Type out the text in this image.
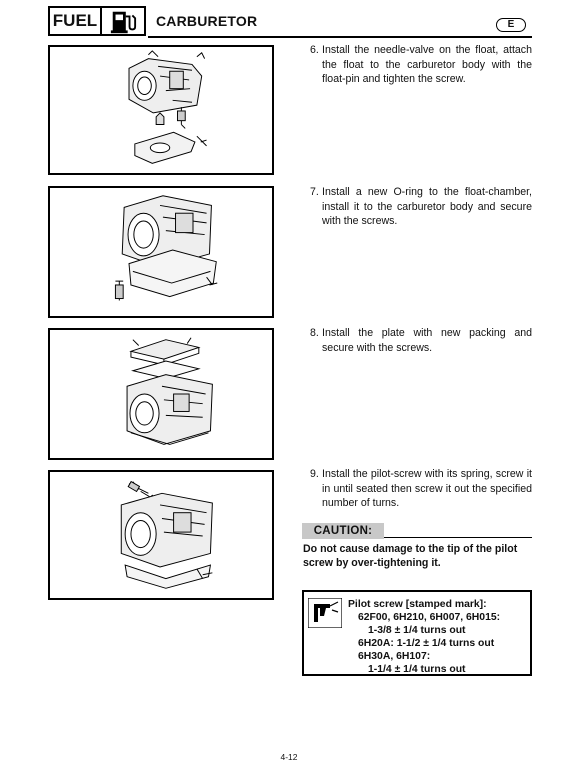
FUEL	CARBURETOR	E
6. Install the needle-valve on the float, attach the float to the carburetor body with the float-pin and tighten the screw.
7. Install a new O-ring to the float-chamber, install it to the carburetor body and secure with the screws.
8. Install the plate with new packing and secure with the screws.
9. Install the pilot-screw with its spring, screw it in until seated then screw it out the specified number of turns.
CAUTION:
Do not cause damage to the tip of the pilot screw by over-tightening it.
Pilot screw [stamped mark]:
62F00, 6H210, 6H007, 6H015:
1-3/8 ± 1/4 turns out
6H20A: 1-1/2 ± 1/4 turns out
6H30A, 6H107:
1-1/4 ± 1/4 turns out
4-12
